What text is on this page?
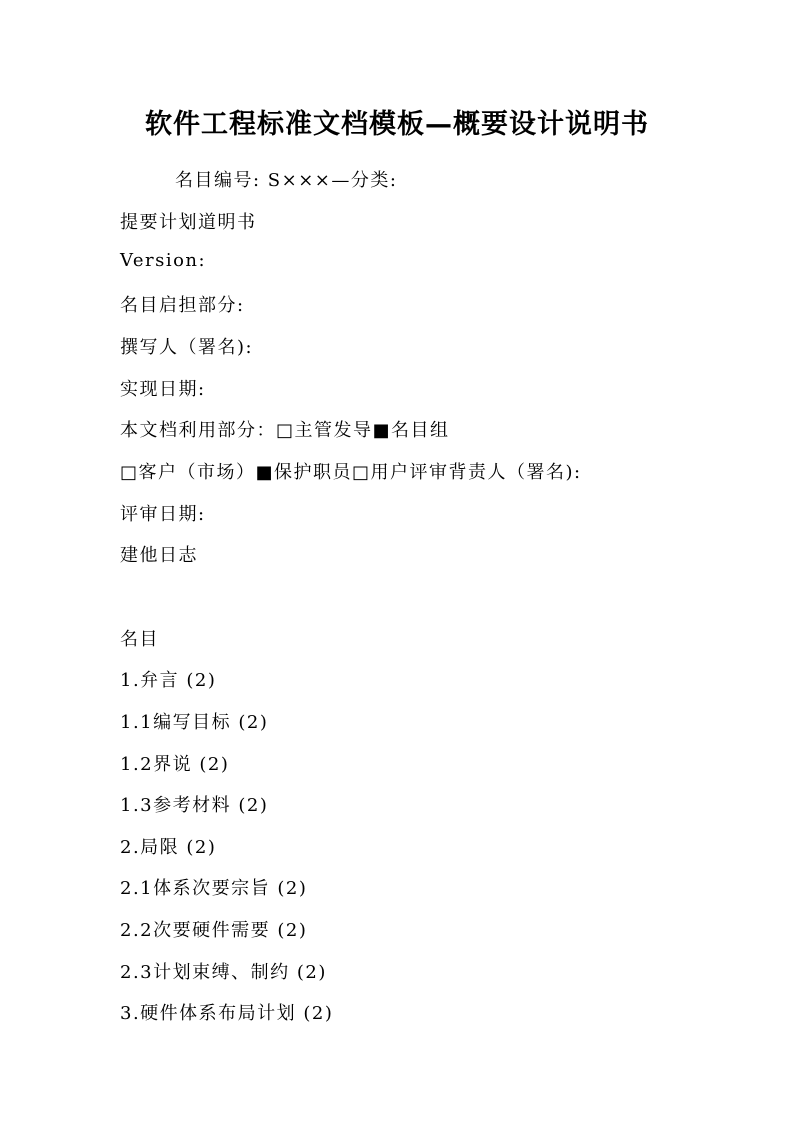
软件工程标准文档模板—概要设计说明书
名目编号: S×××—分类:
提要计划道明书
Version:
名目启担部分:
撰写人（署名):
实现日期:
本文档利用部分：□主管发导■名目组
□客户（市场）■保护职员□用户评审背责人（署名):
评审日期:
建他日志
名目
1.弁言 (2)
1.1编写目标 (2)
1.2界说 (2)
1.3参考材料 (2)
2.局限 (2)
2.1体系次要宗旨 (2)
2.2次要硬件需要 (2)
2.3计划束缚、制约 (2)
3.硬件体系布局计划 (2)
